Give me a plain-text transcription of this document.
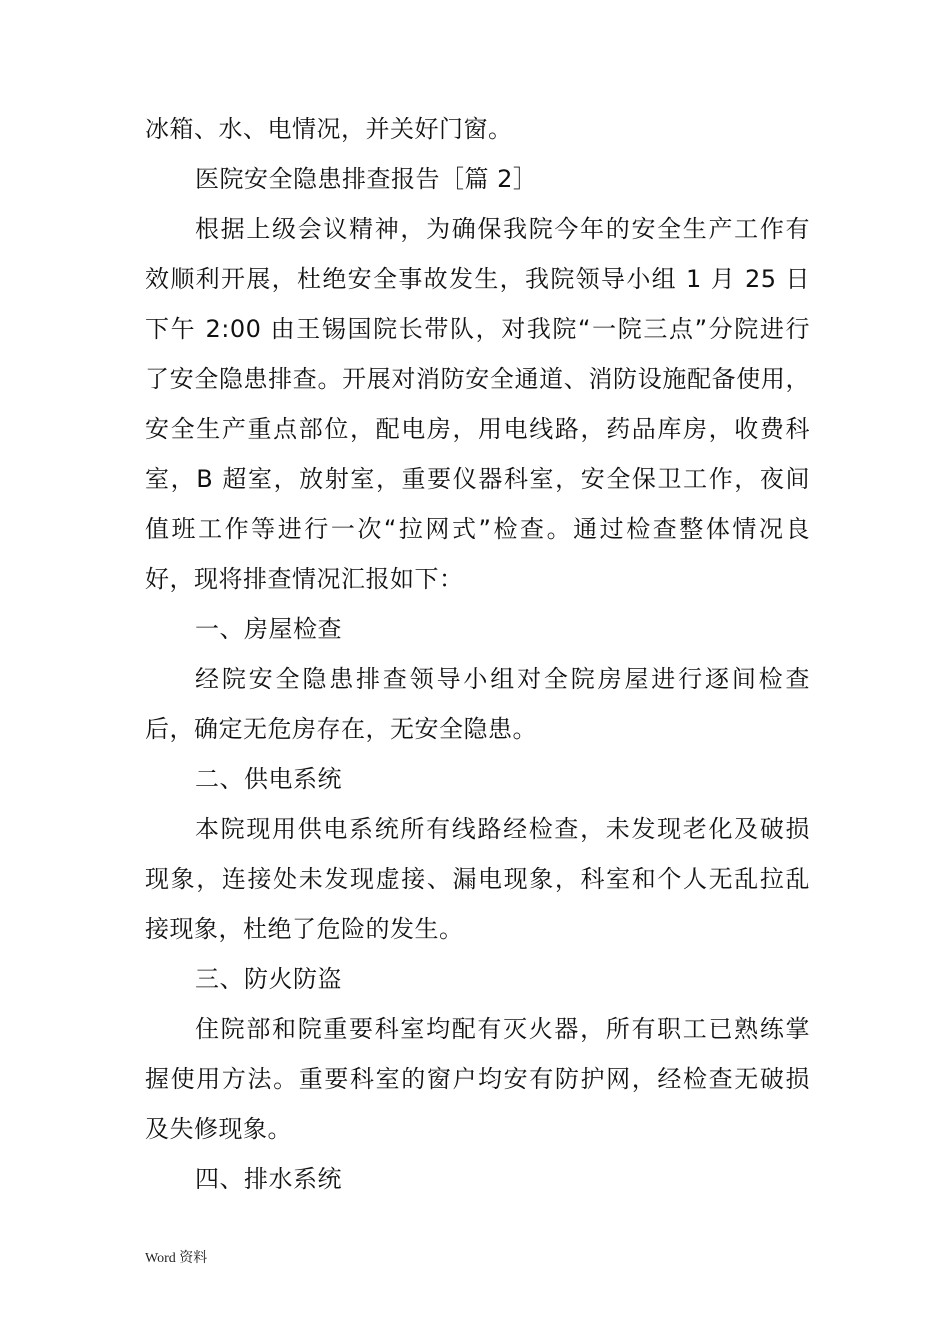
冰箱、水、电情况，并关好门窗。
医院安全隐患排查报告［篇 2］
根据上级会议精神，为确保我院今年的安全生产工作有
效顺利开展，杜绝安全事故发生，我院领导小组 1 月 25 日
下午 2:00 由王锡国院长带队，对我院“一院三点”分院进行
了安全隐患排查。开展对消防安全通道、消防设施配备使用，
安全生产重点部位，配电房，用电线路，药品库房，收费科
室，B 超室，放射室，重要仪器科室，安全保卫工作，夜间
值班工作等进行一次“拉网式”检查。通过检查整体情况良
好，现将排查情况汇报如下：
一、房屋检查
经院安全隐患排查领导小组对全院房屋进行逐间检查
后，确定无危房存在，无安全隐患。
二、供电系统
本院现用供电系统所有线路经检查，未发现老化及破损
现象，连接处未发现虚接、漏电现象，科室和个人无乱拉乱
接现象，杜绝了危险的发生。
三、防火防盗
住院部和院重要科室均配有灭火器，所有职工已熟练掌
握使用方法。重要科室的窗户均安有防护网，经检查无破损
及失修现象。
四、排水系统
Word 资料
